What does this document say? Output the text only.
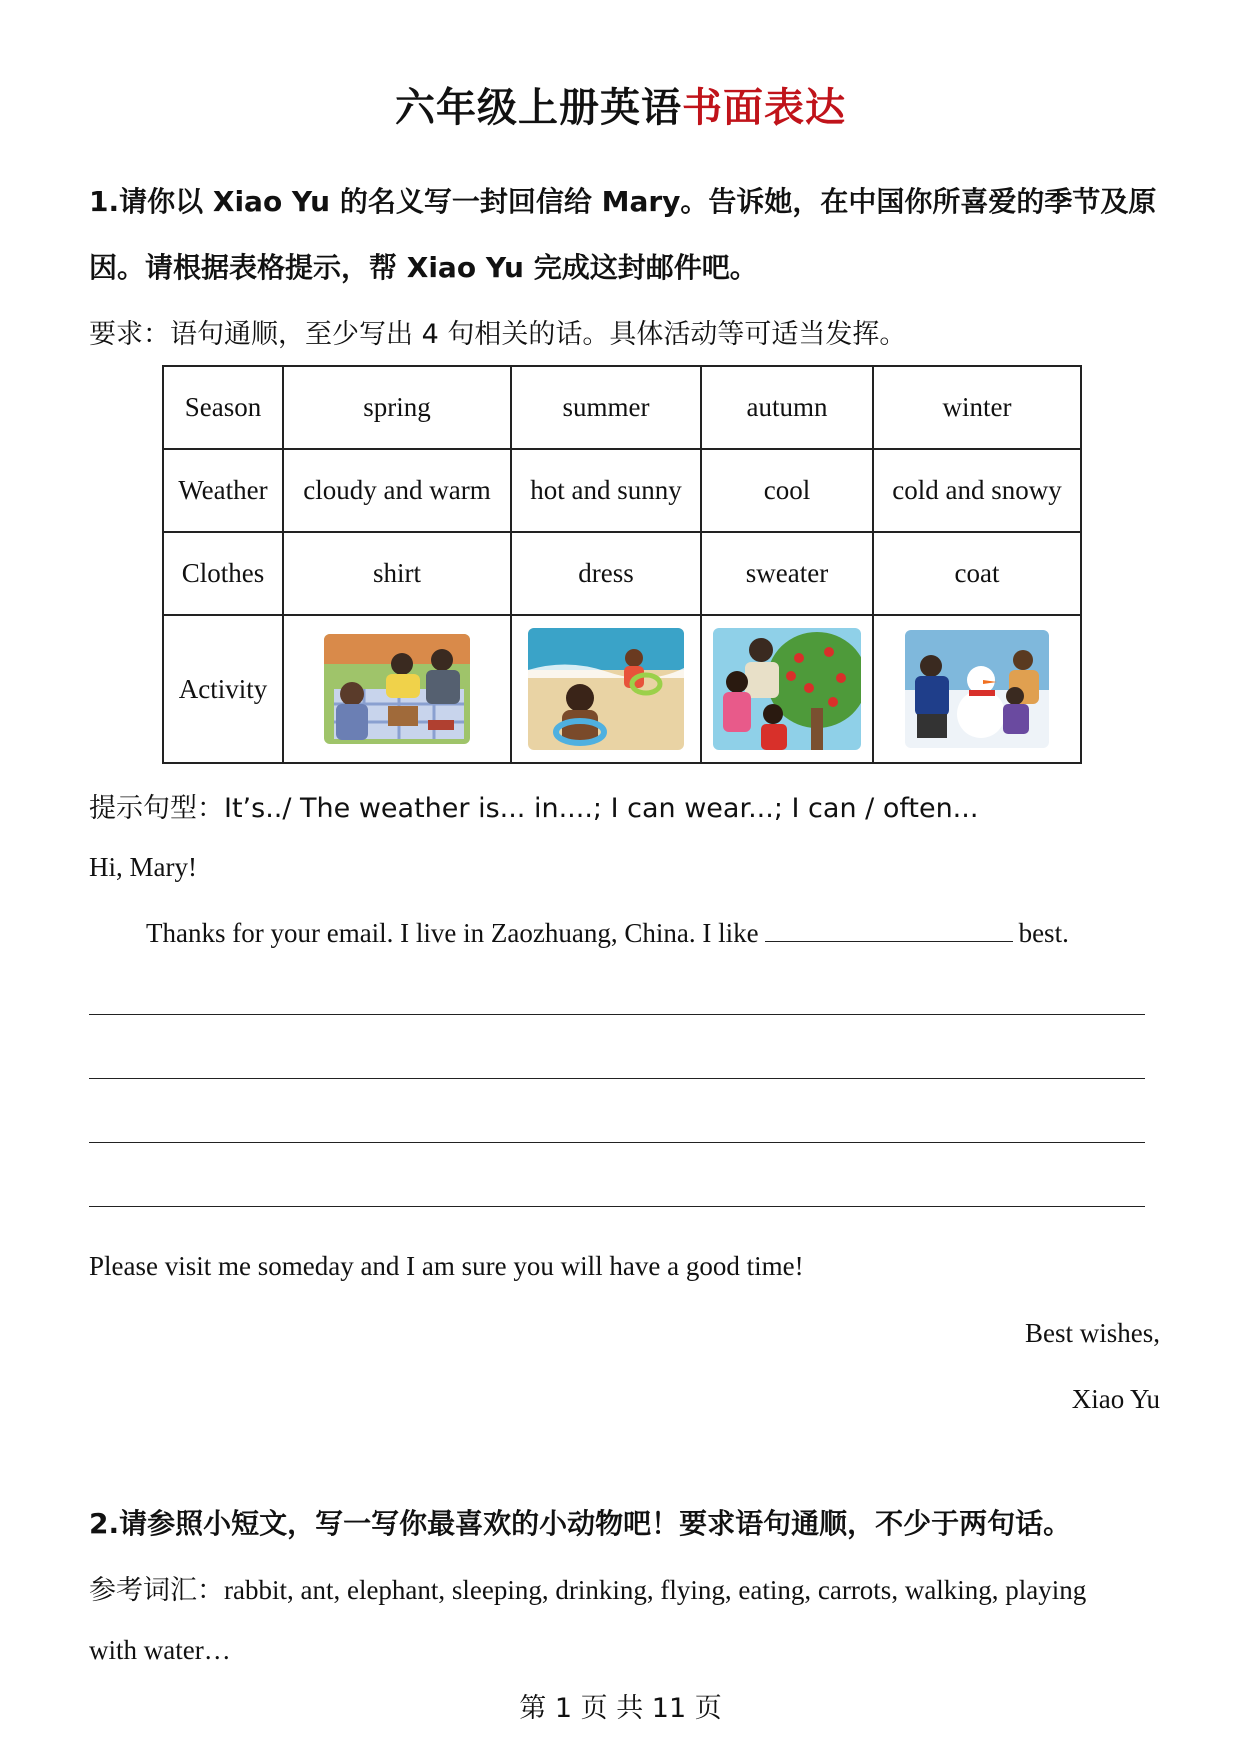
六年级上册英语书面表达
1.请你以 Xiao Yu 的名义写一封回信给 Mary。告诉她，在中国你所喜爱的季节及原
因。请根据表格提示，帮 Xiao Yu 完成这封邮件吧。
要求：语句通顺，至少写出 4 句相关的话。具体活动等可适当发挥。
Season	spring	summer	autumn	winter
Weather	cloudy and warm	hot and sunny	cool	cold and snowy
Clothes	shirt	dress	sweater	coat
Activity	

提示句型：It’s../ The weather is... in....; I can wear...; I can / often...
Hi, Mary!
Thanks for your email. I live in Zaozhuang, China. I like	best.
Please visit me someday and I am sure you will have a good time!
Best wishes,
Xiao Yu
2.请参照小短文，写一写你最喜欢的小动物吧！要求语句通顺，不少于两句话。
参考词汇：rabbit, ant, elephant, sleeping, drinking, flying, eating, carrots, walking, playing
with water…
第 1 页 共 11 页
